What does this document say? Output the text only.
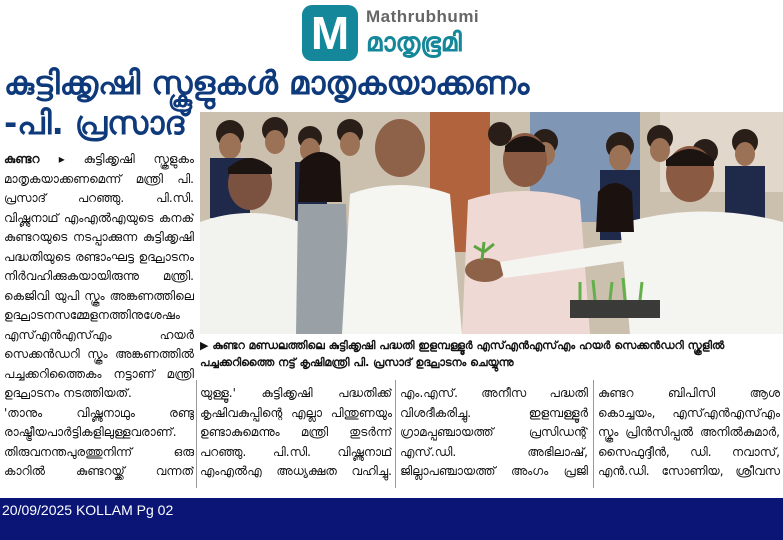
M Mathrubhumi
മാതൃഭൂമി
കുട്ടിക്കൃഷി സ്കൂളുകൾ മാതൃകയാക്കണം
-പി. പ്രസാദ്
▶ കുണ്ടറ മണ്ഡലത്തിലെ കുട്ടിക്കൃഷി പദ്ധതി ഇളമ്പള്ളൂർ എസ്എൻഎസ്എം ഹയർ സെക്കൻഡറി സ്കൂളിൽ പച്ചക്കറിത്തൈ നട്ട് കൃഷിമന്ത്രി പി. പ്രസാദ് ഉദ്ഘാടനം ചെയ്യുന്നു

കുണ്ടറ ▸ കുട്ടിക്കൃഷി സ്കൂളുകം മാതൃകയാക്കണമെന്ന് മന്ത്രി പി. പ്രസാദ് പറഞ്ഞു. പി.സി. വിഷ്ണുനാഥ് എംഎൽഎയുടെ കനക് കുണ്ടറയുടെ നടപ്പാക്കുന്ന കുട്ടിക്കൃഷി പദ്ധതിയുടെ രണ്ടാംഘട്ട ഉദ്ഘാടനം നിർവഹിക്കുകയായിരുന്നു മന്ത്രി. കെജിവി യുപി സ്കൂം അങ്കണത്തിലെ ഉദ്ഘാടനസമ്മേളനത്തിനുശേഷം എസ്എൻഎസ്എം ഹയർ സെക്കൻഡറി സ്കൂം അങ്കണത്തിൽ പച്ചക്കറിത്തൈകം നട്ടാണ് മന്ത്രി ഉദ്ഘാടനം നടത്തിയത്.

'താനും വിഷ്ണുനാഥും രണ്ടു രാഷ്ട്രീയപാർട്ടികളിലുള്ളവരാണ്. തിരുവനന്തപുരത്തുനിന്ന് ഒരു കാറിൽ കുണ്ടറയ്ക്ക് വന്നത്

യുള്ളൂ.' കുട്ടിക്കൃഷി പദ്ധതിക്ക് കൃഷിവകുപ്പിന്റെ എല്ലാ പിന്തുണയും ഉണ്ടാകുമെന്നും മന്ത്രി തുടർന്ന് പറഞ്ഞു. പി.സി. വിഷ്ണുനാഥ് എംഎൽഎ അധ്യക്ഷത വഹിച്ചു.
എം.എസ്. അനീസ പദ്ധതി വിശദീകരിച്ചു. ഇളമ്പള്ളൂർ ഗ്രാമപ്പഞ്ചായത്ത് പ്രസിഡന്റ് എസ്.ഡി. അഭിലാഷ്, ജില്ലാപഞ്ചായത്ത് അംഗം പ്രജി
കുണ്ടറ ബിപിസി ആശ കൊച്ചയം, എസ്എൻഎസ്എം സ്കൂം പ്രിൻസിപ്പൽ അനിൽകുമാർ, സൈഫുദ്ദീൻ, ഡി. നവാസ്, എൻ.ഡി. സോണിയ, ശ്രീവസ
20/09/2025 KOLLAM Pg 02
